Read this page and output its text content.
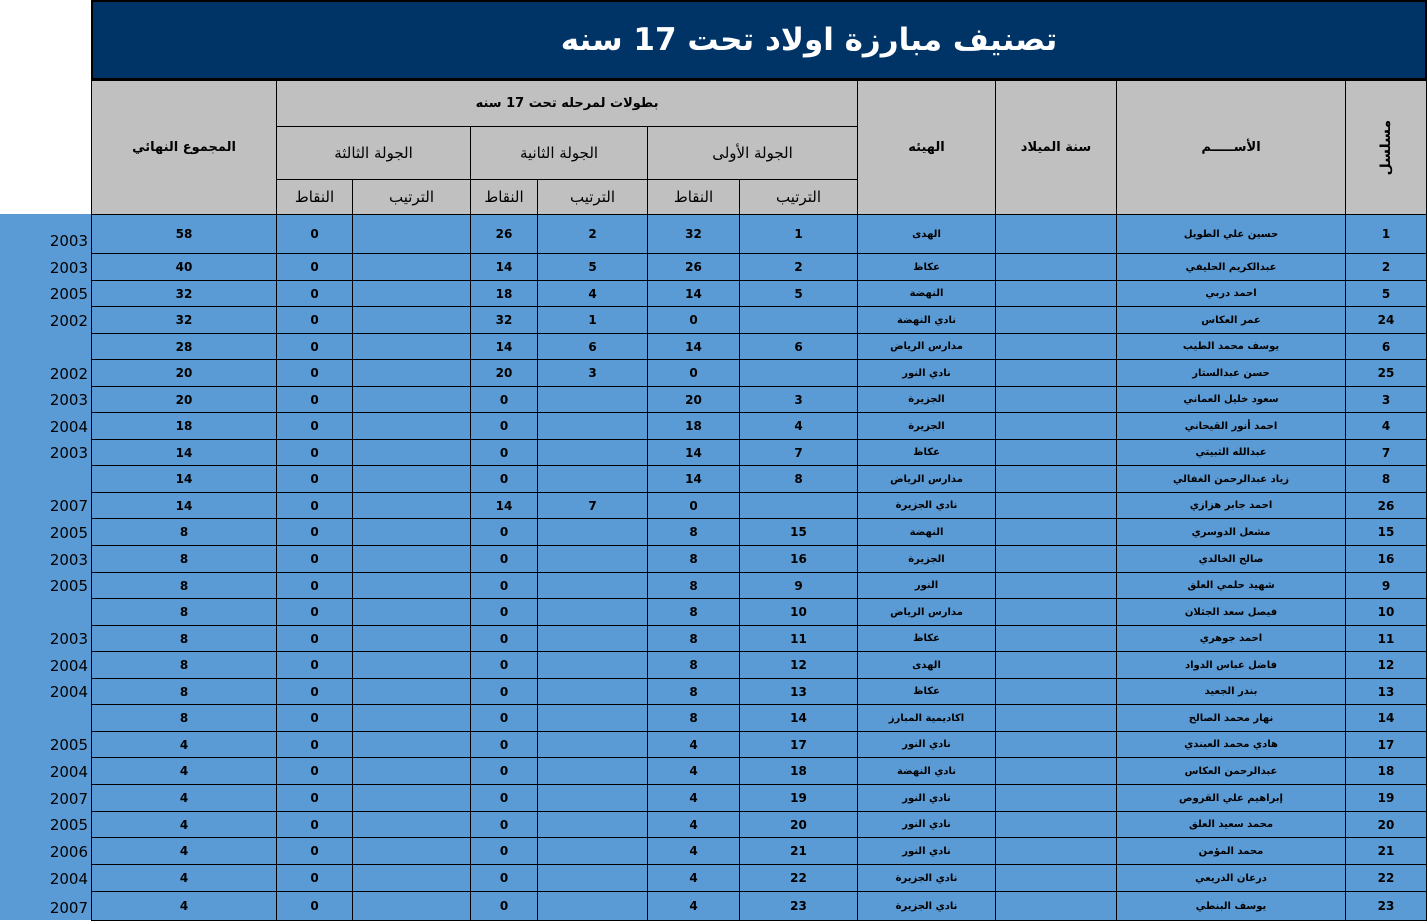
2003
2003
2005
2002
2002
2003
2004
2003
2007
2005
2003
2005
2003
2004
2004
2005
2004
2007
2005
2006
2004
2007
تصنيف مبارزة اولاد تحت 17 سنه
مسلسل
الأســـــم
سنة الميلاد
الهيئه
بطولات لمرحله تحت 17 سنه
الجولة الأولى
الجولة الثانية
الجولة الثالثة
المجموع النهائي
الترتيب
النقاط
الترتيب
النقاط
الترتيب
النقاط
1
حسين علي الطويل
الهدى
1
32
2
26
0
58
2
عبدالكريم الحليفي
عكاظ
2
26
5
14
0
40
5
احمد دربي
النهضة
5
14
4
18
0
32
24
عمر العكاس
نادي النهضة
0
1
32
0
32
6
يوسف محمد الطيب
مدارس الرياض
6
14
6
14
0
28
25
حسن عبدالستار
نادي النور
0
3
20
0
20
3
سعود خليل العماني
الجزيرة
3
20
0
0
20
4
احمد أنور القيحاني
الجزيرة
4
18
0
0
18
7
عبدالله الثبيتي
عكاظ
7
14
0
0
14
8
زياد عبدالرحمن الغفالي
مدارس الرياض
8
14
0
0
14
26
احمد جابر هزازي
نادي الجزيرة
0
7
14
0
14
15
مشعل الدوسري
النهضة
15
8
0
0
8
16
صالح الخالدي
الجزيرة
16
8
0
0
8
9
شهيد حلمي العلق
النور
9
8
0
0
8
10
فيصل سعد الجثلان
مدارس الرياض
10
8
0
0
8
11
احمد جوهري
عكاظ
11
8
0
0
8
12
فاضل عباس الدواد
الهدى
12
8
0
0
8
13
بندر الجعيد
عكاظ
13
8
0
0
8
14
نهار محمد الصالح
اكاديمية المبارز
14
8
0
0
8
17
هادي محمد العبندي
نادي النور
17
4
0
0
4
18
عبدالرحمن العكاس
نادي النهضة
18
4
0
0
4
19
إبراهيم علي القروص
نادي النور
19
4
0
0
4
20
محمد سعيد العلق
نادي النور
20
4
0
0
4
21
محمد المؤمن
نادي النور
21
4
0
0
4
22
درعان الدريعي
نادي الجزيرة
22
4
0
0
4
23
يوسف البنطي
نادي الجزيرة
23
4
0
0
4
